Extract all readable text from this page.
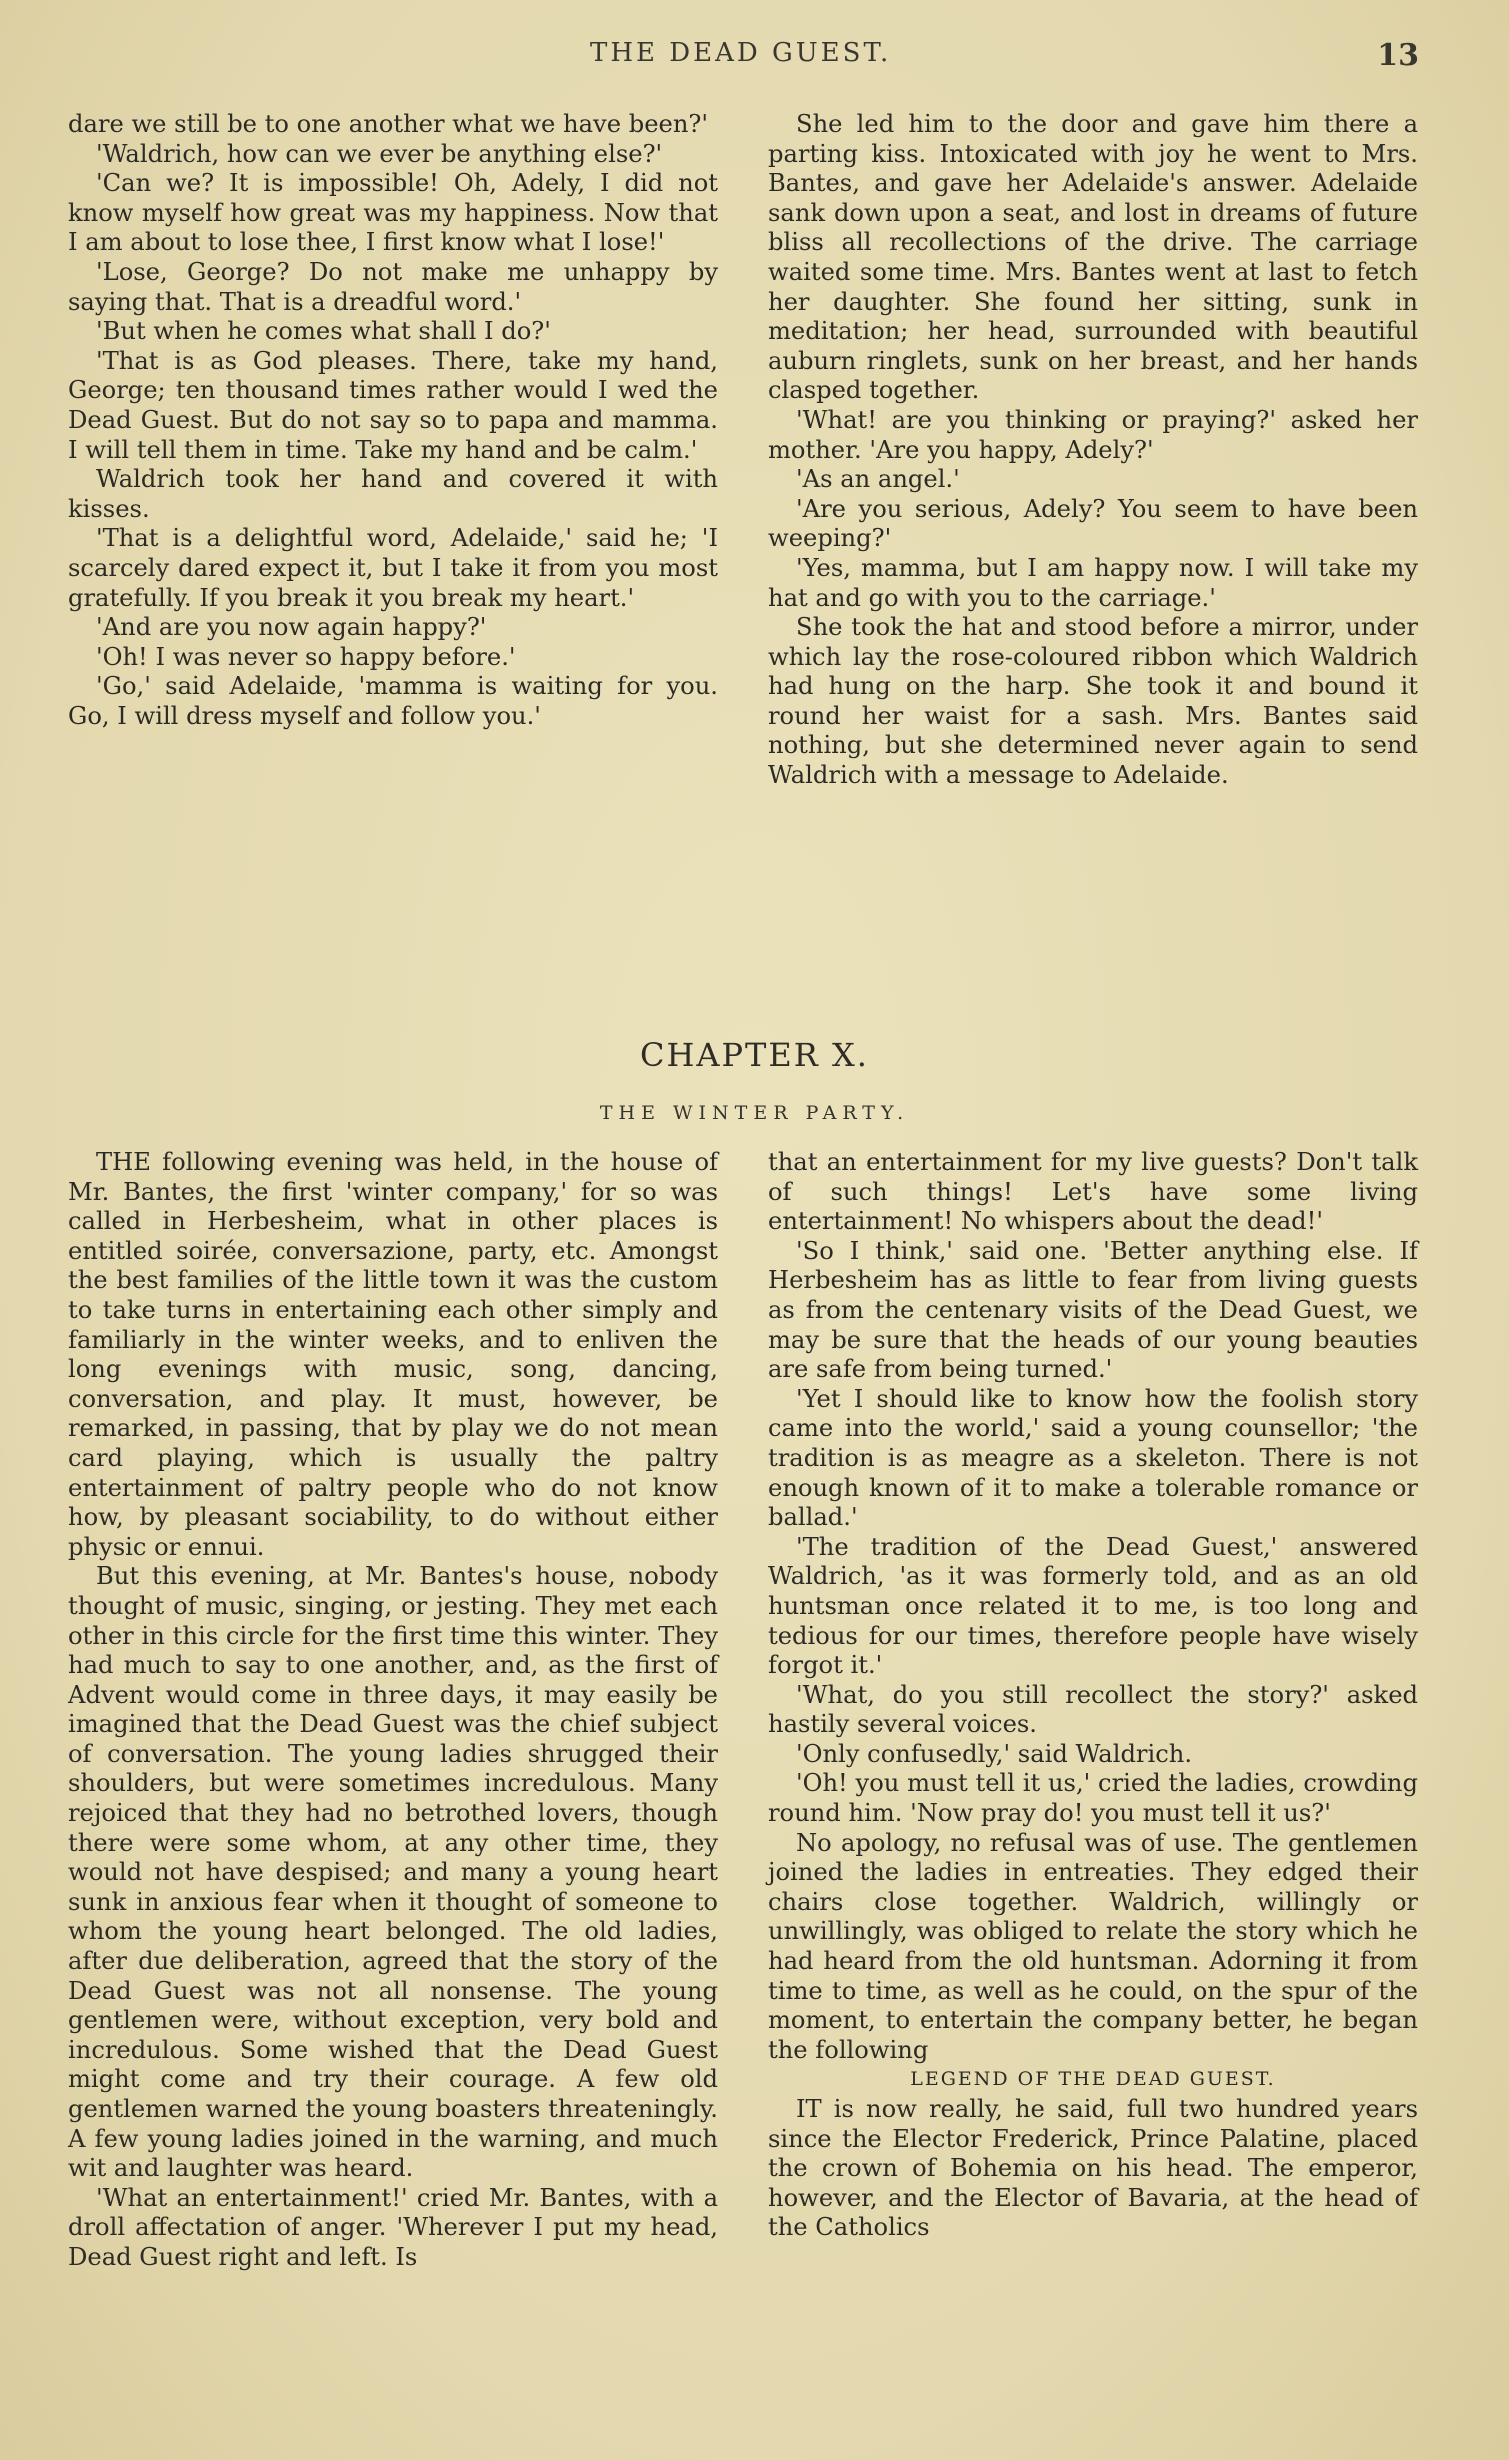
THE DEAD GUEST.	13

dare we still be to one another what we have been?'

'Waldrich, how can we ever be anything else?'

'Can we? It is impossible! Oh, Adely, I did not know myself how great was my happiness. Now that I am about to lose thee, I first know what I lose!'

'Lose, George? Do not make me unhappy by saying that. That is a dreadful word.'

'But when he comes what shall I do?'

'That is as God pleases. There, take my hand, George; ten thousand times rather would I wed the Dead Guest. But do not say so to papa and mamma. I will tell them in time. Take my hand and be calm.'

Waldrich took her hand and covered it with kisses.

'That is a delightful word, Adelaide,' said he; 'I scarcely dared expect it, but I take it from you most gratefully. If you break it you break my heart.'

'And are you now again happy?'

'Oh! I was never so happy before.'

'Go,' said Adelaide, 'mamma is waiting for you. Go, I will dress myself and follow you.'

She led him to the door and gave him there a parting kiss. Intoxicated with joy he went to Mrs. Bantes, and gave her Adelaide's answer. Adelaide sank down upon a seat, and lost in dreams of future bliss all recollections of the drive. The carriage waited some time. Mrs. Bantes went at last to fetch her daughter. She found her sitting, sunk in meditation; her head, surrounded with beautiful auburn ringlets, sunk on her breast, and her hands clasped together.

'What! are you thinking or praying?' asked her mother. 'Are you happy, Adely?'

'As an angel.'

'Are you serious, Adely? You seem to have been weeping?'

'Yes, mamma, but I am happy now. I will take my hat and go with you to the carriage.'

She took the hat and stood before a mirror, under which lay the rose-coloured ribbon which Waldrich had hung on the harp. She took it and bound it round her waist for a sash. Mrs. Bantes said nothing, but she determined never again to send Waldrich with a message to Adelaide.

CHAPTER X.
THE WINTER PARTY.

THE following evening was held, in the house of Mr. Bantes, the first 'winter company,' for so was called in Herbesheim, what in other places is entitled soirée, conversazione, party, etc. Amongst the best families of the little town it was the custom to take turns in entertaining each other simply and familiarly in the winter weeks, and to enliven the long evenings with music, song, dancing, conversation, and play. It must, however, be remarked, in passing, that by play we do not mean card playing, which is usually the paltry entertainment of paltry people who do not know how, by pleasant sociability, to do without either physic or ennui.

But this evening, at Mr. Bantes's house, nobody thought of music, singing, or jesting. They met each other in this circle for the first time this winter. They had much to say to one another, and, as the first of Advent would come in three days, it may easily be imagined that the Dead Guest was the chief subject of conversation. The young ladies shrugged their shoulders, but were sometimes incredulous. Many rejoiced that they had no betrothed lovers, though there were some whom, at any other time, they would not have despised; and many a young heart sunk in anxious fear when it thought of someone to whom the young heart belonged. The old ladies, after due deliberation, agreed that the story of the Dead Guest was not all nonsense. The young gentlemen were, without exception, very bold and incredulous. Some wished that the Dead Guest might come and try their courage. A few old gentlemen warned the young boasters threateningly. A few young ladies joined in the warning, and much wit and laughter was heard.

'What an entertainment!' cried Mr. Bantes, with a droll affectation of anger. 'Wherever I put my head, Dead Guest right and left. Is

that an entertainment for my live guests? Don't talk of such things! Let's have some living entertainment! No whispers about the dead!'

'So I think,' said one. 'Better anything else. If Herbesheim has as little to fear from living guests as from the centenary visits of the Dead Guest, we may be sure that the heads of our young beauties are safe from being turned.'

'Yet I should like to know how the foolish story came into the world,' said a young counsellor; 'the tradition is as meagre as a skeleton. There is not enough known of it to make a tolerable romance or ballad.'

'The tradition of the Dead Guest,' answered Waldrich, 'as it was formerly told, and as an old huntsman once related it to me, is too long and tedious for our times, therefore people have wisely forgot it.'

'What, do you still recollect the story?' asked hastily several voices.

'Only confusedly,' said Waldrich.

'Oh! you must tell it us,' cried the ladies, crowding round him. 'Now pray do! you must tell it us?'

No apology, no refusal was of use. The gentlemen joined the ladies in entreaties. They edged their chairs close together. Waldrich, willingly or unwillingly, was obliged to relate the story which he had heard from the old huntsman. Adorning it from time to time, as well as he could, on the spur of the moment, to entertain the company better, he began the following

LEGEND OF THE DEAD GUEST.

IT is now really, he said, full two hundred years since the Elector Frederick, Prince Palatine, placed the crown of Bohemia on his head. The emperor, however, and the Elector of Bavaria, at the head of the Catholics
